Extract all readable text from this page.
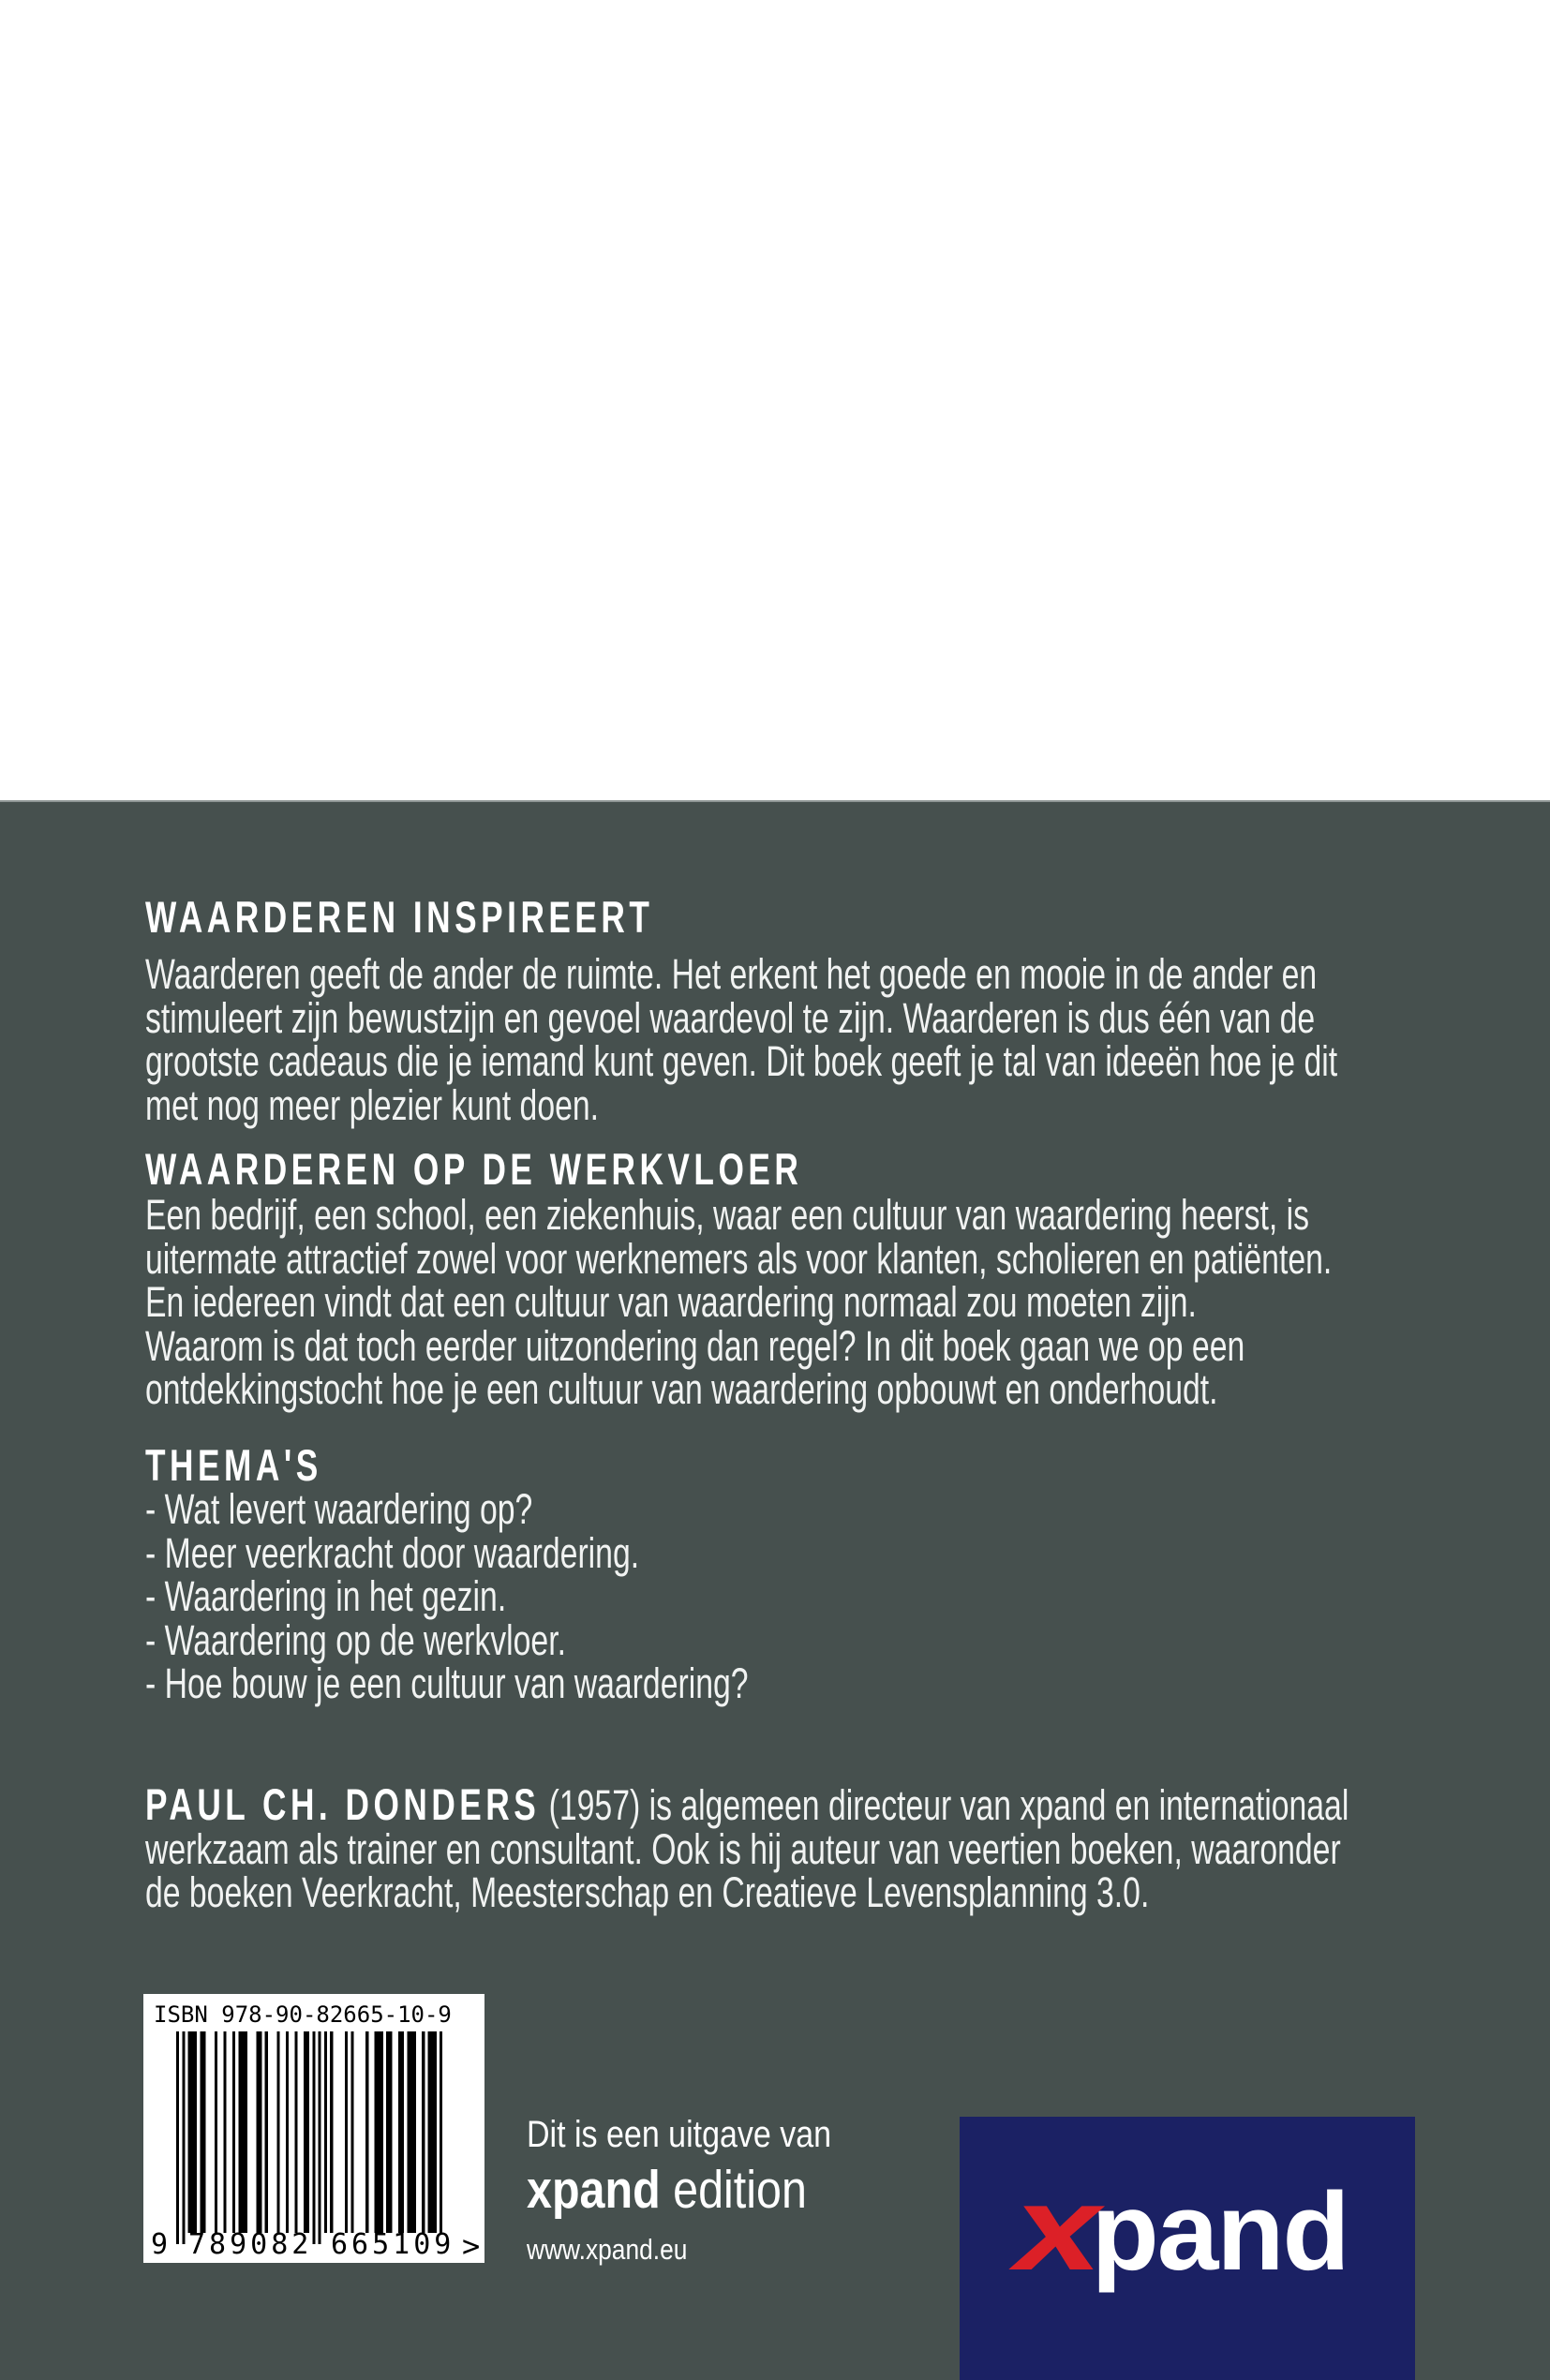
WAARDEREN INSPIREERT
Waarderen geeft de ander de ruimte. Het erkent het goede en mooie in de ander en
stimuleert zijn bewustzijn en gevoel waardevol te zijn. Waarderen is dus één van de
grootste cadeaus die je iemand kunt geven. Dit boek geeft je tal van ideeën hoe je dit
met nog meer plezier kunt doen.
WAARDEREN OP DE WERKVLOER
Een bedrijf, een school, een ziekenhuis, waar een cultuur van waardering heerst, is
uitermate attractief zowel voor werknemers als voor klanten, scholieren en patiënten.
En iedereen vindt dat een cultuur van waardering normaal zou moeten zijn.
Waarom is dat toch eerder uitzondering dan regel? In dit boek gaan we op een
ontdekkingstocht hoe je een cultuur van waardering opbouwt en onderhoudt.
THEMA'S
- Wat levert waardering op?
- Meer veerkracht door waardering.
- Waardering in het gezin.
- Waardering op de werkvloer.
- Hoe bouw je een cultuur van waardering?
PAUL CH. DONDERS (1957) is algemeen directeur van xpand en internationaal
werkzaam als trainer en consultant. Ook is hij auteur van veertien boeken, waaronder
de boeken Veerkracht, Meesterschap en Creatieve Levensplanning 3.0.
ISBN 978-90-82665-10-9
9 789082 665109 >
Dit is een uitgave van
xpand edition
www.xpand.eu	xpand
